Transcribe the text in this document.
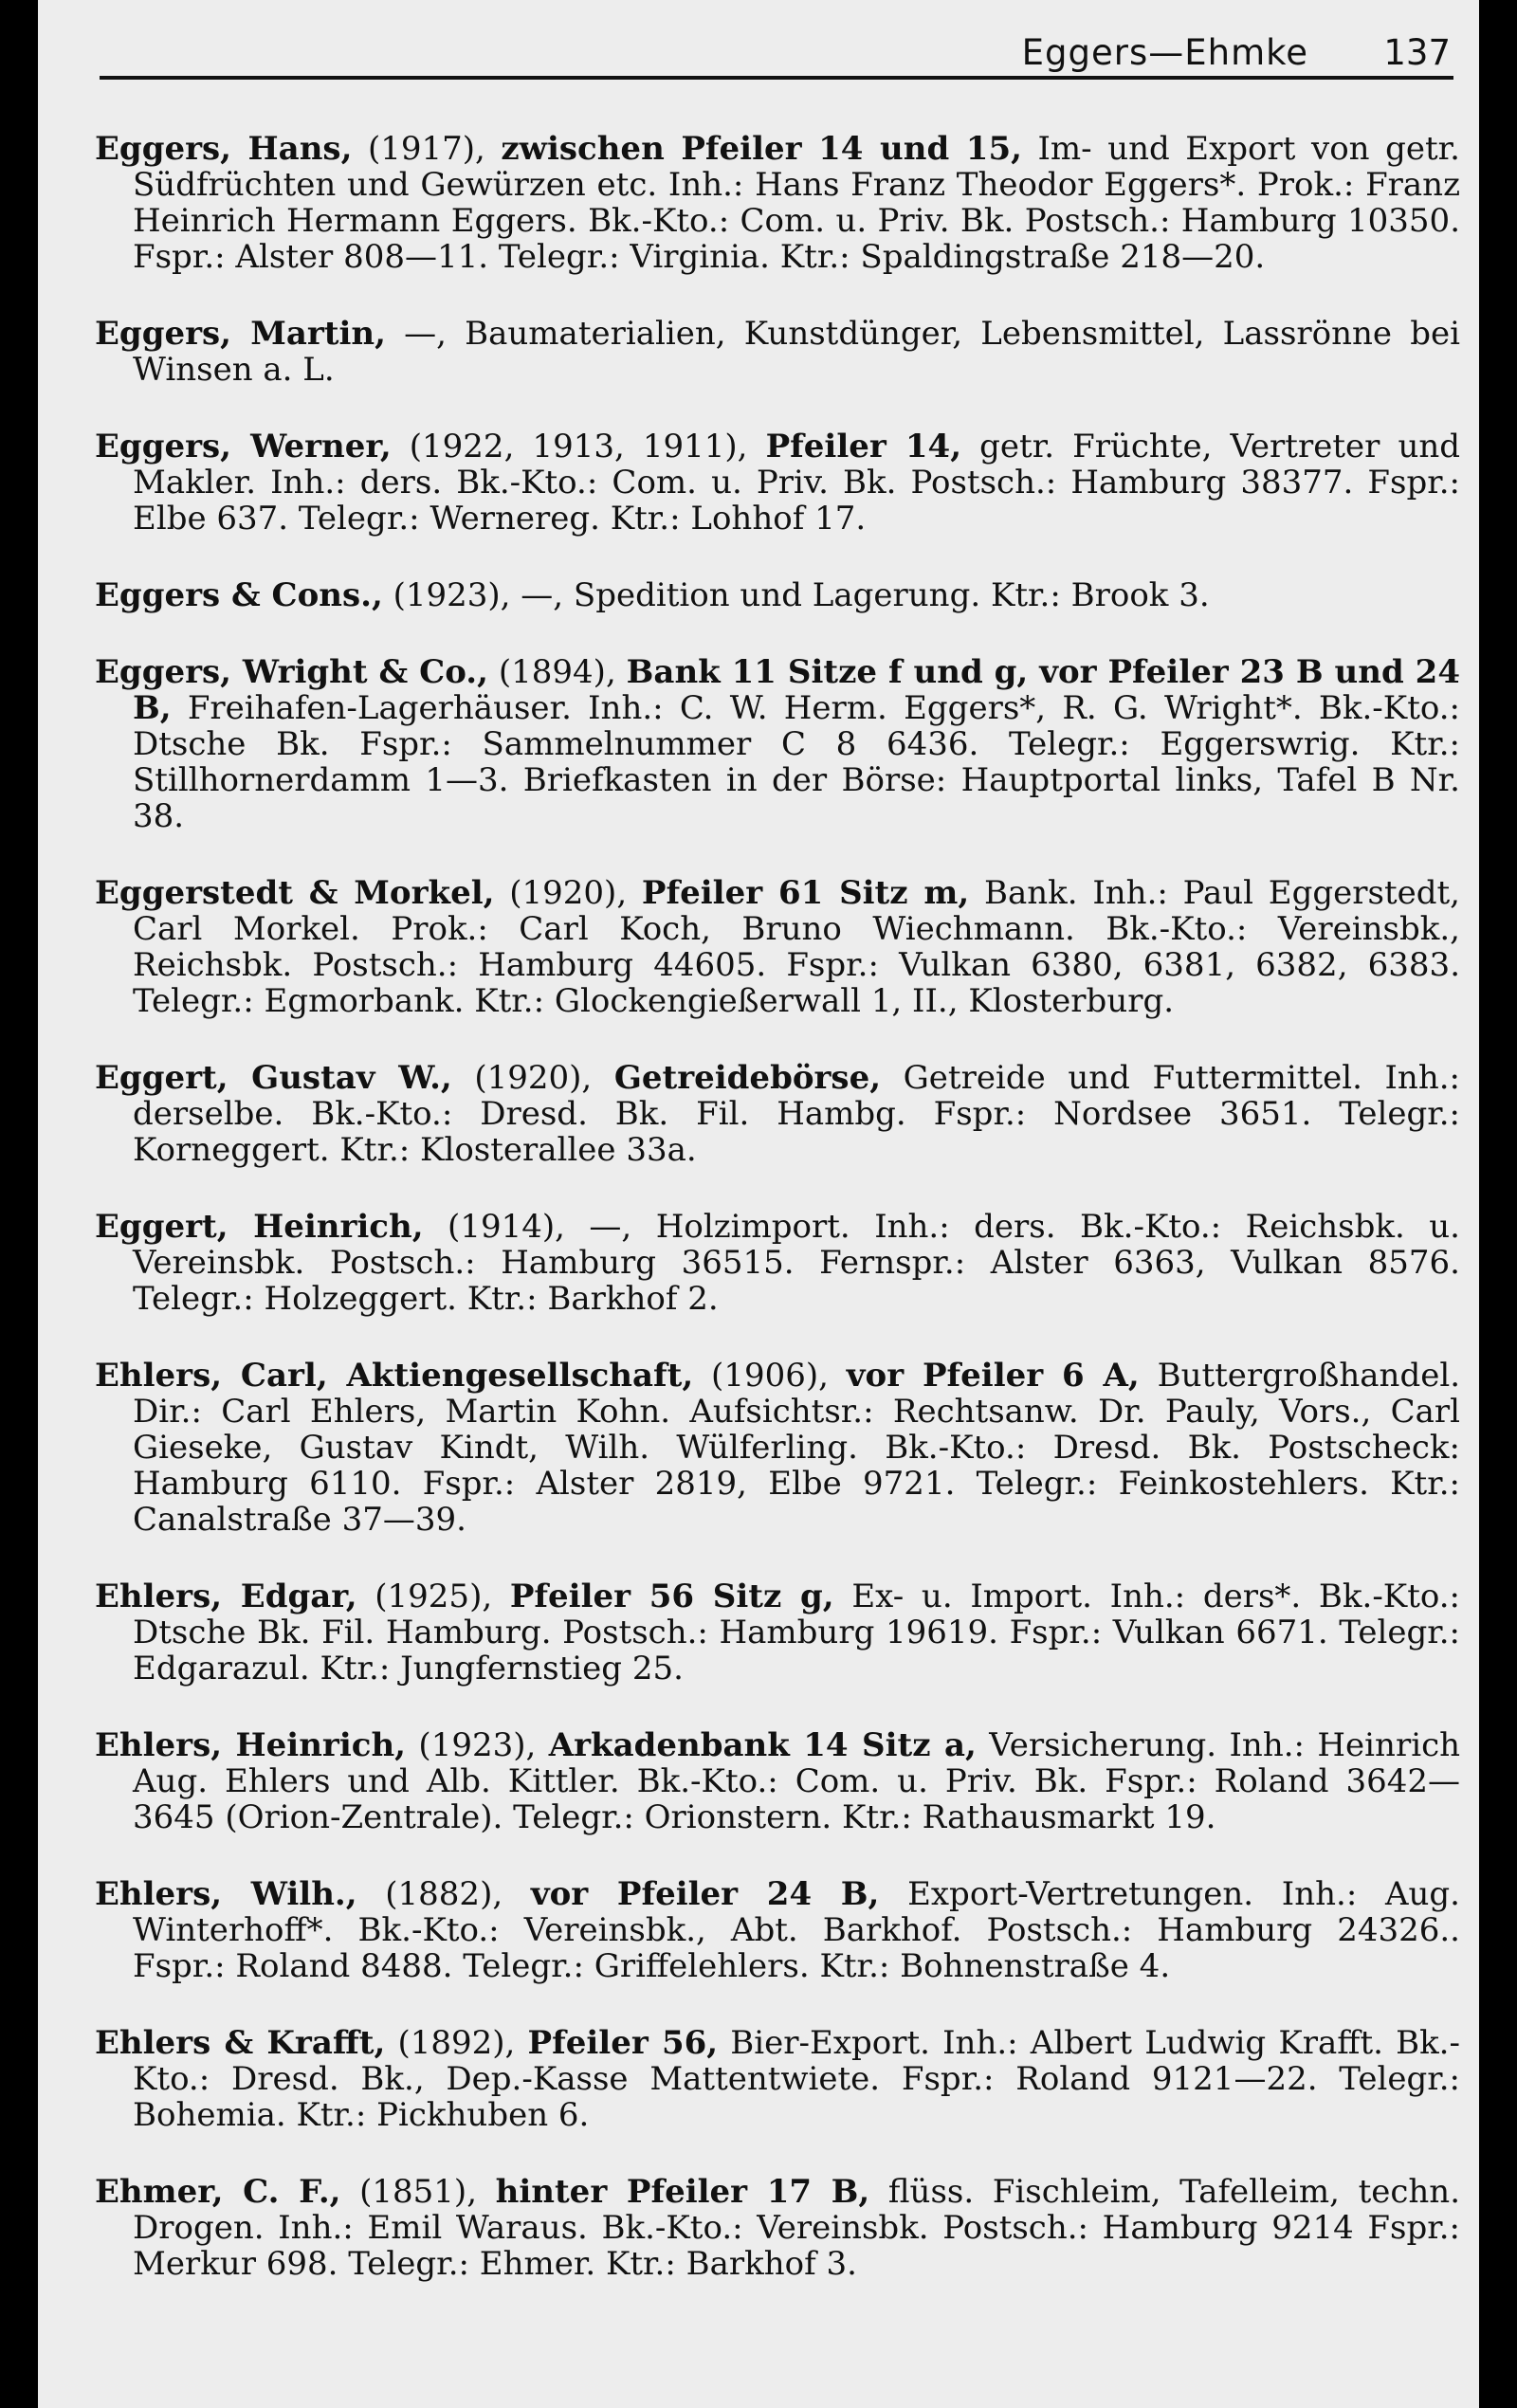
Eggers—Ehmke 137

Eggers, Hans, (1917), zwischen Pfeiler 14 und 15, Im- und Export von getr. Südfrüchten und Gewürzen etc. Inh.: Hans Franz Theodor Eggers*. Prok.: Franz Heinrich Hermann Eggers. Bk.-Kto.: Com. u. Priv. Bk. Postsch.: Hamburg 10350. Fspr.: Alster 808—11. Telegr.: Virginia. Ktr.: Spaldingstraße 218—20.

Eggers, Martin, —, Baumaterialien, Kunstdünger, Lebensmittel, Lassrönne bei Winsen a. L.

Eggers, Werner, (1922, 1913, 1911), Pfeiler 14, getr. Früchte, Vertreter und Makler. Inh.: ders. Bk.-Kto.: Com. u. Priv. Bk. Postsch.: Hamburg 38377. Fspr.: Elbe 637. Telegr.: Wernereg. Ktr.: Lohhof 17.

Eggers & Cons., (1923), —, Spedition und Lagerung. Ktr.: Brook 3.

Eggers, Wright & Co., (1894), Bank 11 Sitze f und g, vor Pfeiler 23 B und 24 B, Freihafen-Lagerhäuser. Inh.: C. W. Herm. Eggers*, R. G. Wright*. Bk.-Kto.: Dtsche Bk. Fspr.: Sammelnummer C 8 6436. Telegr.: Eggerswrig. Ktr.: Stillhornerdamm 1—3. Briefkasten in der Börse: Hauptportal links, Tafel B Nr. 38.

Eggerstedt & Morkel, (1920), Pfeiler 61 Sitz m, Bank. Inh.: Paul Eggerstedt, Carl Morkel. Prok.: Carl Koch, Bruno Wiechmann. Bk.-Kto.: Vereinsbk., Reichsbk. Postsch.: Hamburg 44605. Fspr.: Vulkan 6380, 6381, 6382, 6383. Telegr.: Egmorbank. Ktr.: Glockengießerwall 1, II., Klosterburg.

Eggert, Gustav W., (1920), Getreidebörse, Getreide und Futtermittel. Inh.: derselbe. Bk.-Kto.: Dresd. Bk. Fil. Hambg. Fspr.: Nordsee 3651. Telegr.: Korneggert. Ktr.: Klosterallee 33a.

Eggert, Heinrich, (1914), —, Holzimport. Inh.: ders. Bk.-Kto.: Reichsbk. u. Vereinsbk. Postsch.: Hamburg 36515. Fernspr.: Alster 6363, Vulkan 8576. Telegr.: Holzeggert. Ktr.: Barkhof 2.

Ehlers, Carl, Aktiengesellschaft, (1906), vor Pfeiler 6 A, Buttergroßhandel. Dir.: Carl Ehlers, Martin Kohn. Aufsichtsr.: Rechtsanw. Dr. Pauly, Vors., Carl Gieseke, Gustav Kindt, Wilh. Wülferling. Bk.-Kto.: Dresd. Bk. Postscheck: Hamburg 6110. Fspr.: Alster 2819, Elbe 9721. Telegr.: Feinkostehlers. Ktr.: Canalstraße 37—39.

Ehlers, Edgar, (1925), Pfeiler 56 Sitz g, Ex- u. Import. Inh.: ders*. Bk.-Kto.: Dtsche Bk. Fil. Hamburg. Postsch.: Hamburg 19619. Fspr.: Vulkan 6671. Telegr.: Edgarazul. Ktr.: Jungfernstieg 25.

Ehlers, Heinrich, (1923), Arkadenbank 14 Sitz a, Versicherung. Inh.: Heinrich Aug. Ehlers und Alb. Kittler. Bk.-Kto.: Com. u. Priv. Bk. Fspr.: Roland 3642—3645 (Orion-Zentrale). Telegr.: Orionstern. Ktr.: Rathausmarkt 19.

Ehlers, Wilh., (1882), vor Pfeiler 24 B, Export-Vertretungen. Inh.: Aug. Winterhoff*. Bk.-Kto.: Vereinsbk., Abt. Barkhof. Postsch.: Hamburg 24326.. Fspr.: Roland 8488. Telegr.: Griffelehlers. Ktr.: Bohnenstraße 4.

Ehlers & Krafft, (1892), Pfeiler 56, Bier-Export. Inh.: Albert Ludwig Krafft. Bk.-Kto.: Dresd. Bk., Dep.-Kasse Mattentwiete. Fspr.: Roland 9121—22. Telegr.: Bohemia. Ktr.: Pickhuben 6.

Ehmer, C. F., (1851), hinter Pfeiler 17 B, flüss. Fischleim, Tafelleim, techn. Drogen. Inh.: Emil Waraus. Bk.-Kto.: Vereinsbk. Postsch.: Hamburg 9214 Fspr.: Merkur 698. Telegr.: Ehmer. Ktr.: Barkhof 3.
